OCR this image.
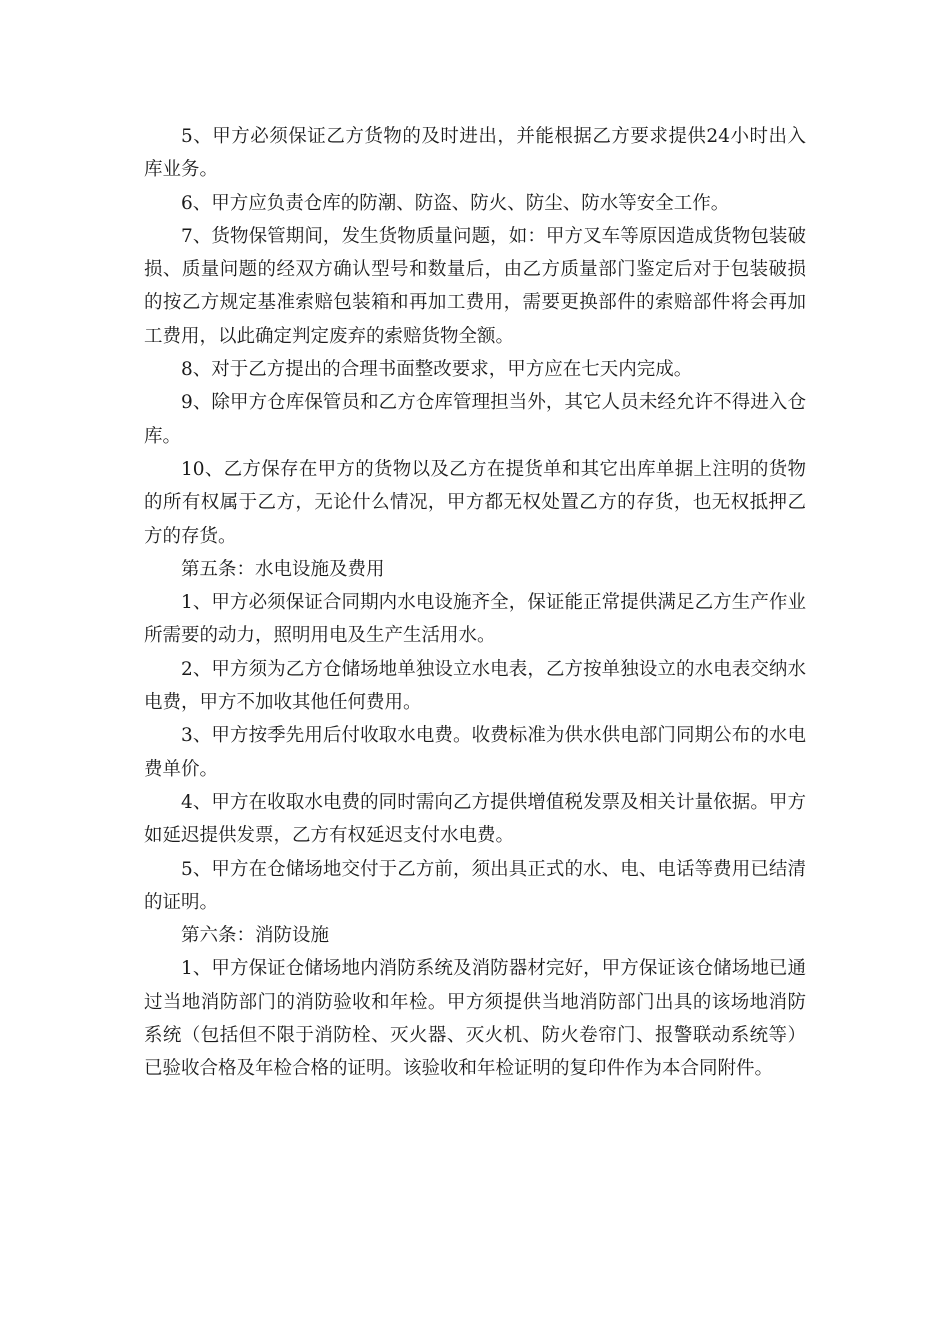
5、甲方必须保证乙方货物的及时进出，并能根据乙方要求提供24小时出入库业务。

6、甲方应负责仓库的防潮、防盗、防火、防尘、防水等安全工作。

7、货物保管期间，发生货物质量问题，如：甲方叉车等原因造成货物包装破损、质量问题的经双方确认型号和数量后，由乙方质量部门鉴定后对于包装破损的按乙方规定基准索赔包装箱和再加工费用，需要更换部件的索赔部件将会再加工费用，以此确定判定废弃的索赔货物全额。

8、对于乙方提出的合理书面整改要求，甲方应在七天内完成。

9、除甲方仓库保管员和乙方仓库管理担当外，其它人员未经允许不得进入仓库。

10、乙方保存在甲方的货物以及乙方在提货单和其它出库单据上注明的货物的所有权属于乙方，无论什么情况，甲方都无权处置乙方的存货，也无权抵押乙方的存货。

第五条：水电设施及费用

1、甲方必须保证合同期内水电设施齐全，保证能正常提供满足乙方生产作业所需要的动力，照明用电及生产生活用水。

2、甲方须为乙方仓储场地单独设立水电表，乙方按单独设立的水电表交纳水电费，甲方不加收其他任何费用。

3、甲方按季先用后付收取水电费。收费标准为供水供电部门同期公布的水电费单价。

4、甲方在收取水电费的同时需向乙方提供增值税发票及相关计量依据。甲方如延迟提供发票，乙方有权延迟支付水电费。

5、甲方在仓储场地交付于乙方前，须出具正式的水、电、电话等费用已结清的证明。

第六条：消防设施

1、甲方保证仓储场地内消防系统及消防器材完好，甲方保证该仓储场地已通过当地消防部门的消防验收和年检。甲方须提供当地消防部门出具的该场地消防系统（包括但不限于消防栓、灭火器、灭火机、防火卷帘门、报警联动系统等）已验收合格及年检合格的证明。该验收和年检证明的复印件作为本合同附件。
